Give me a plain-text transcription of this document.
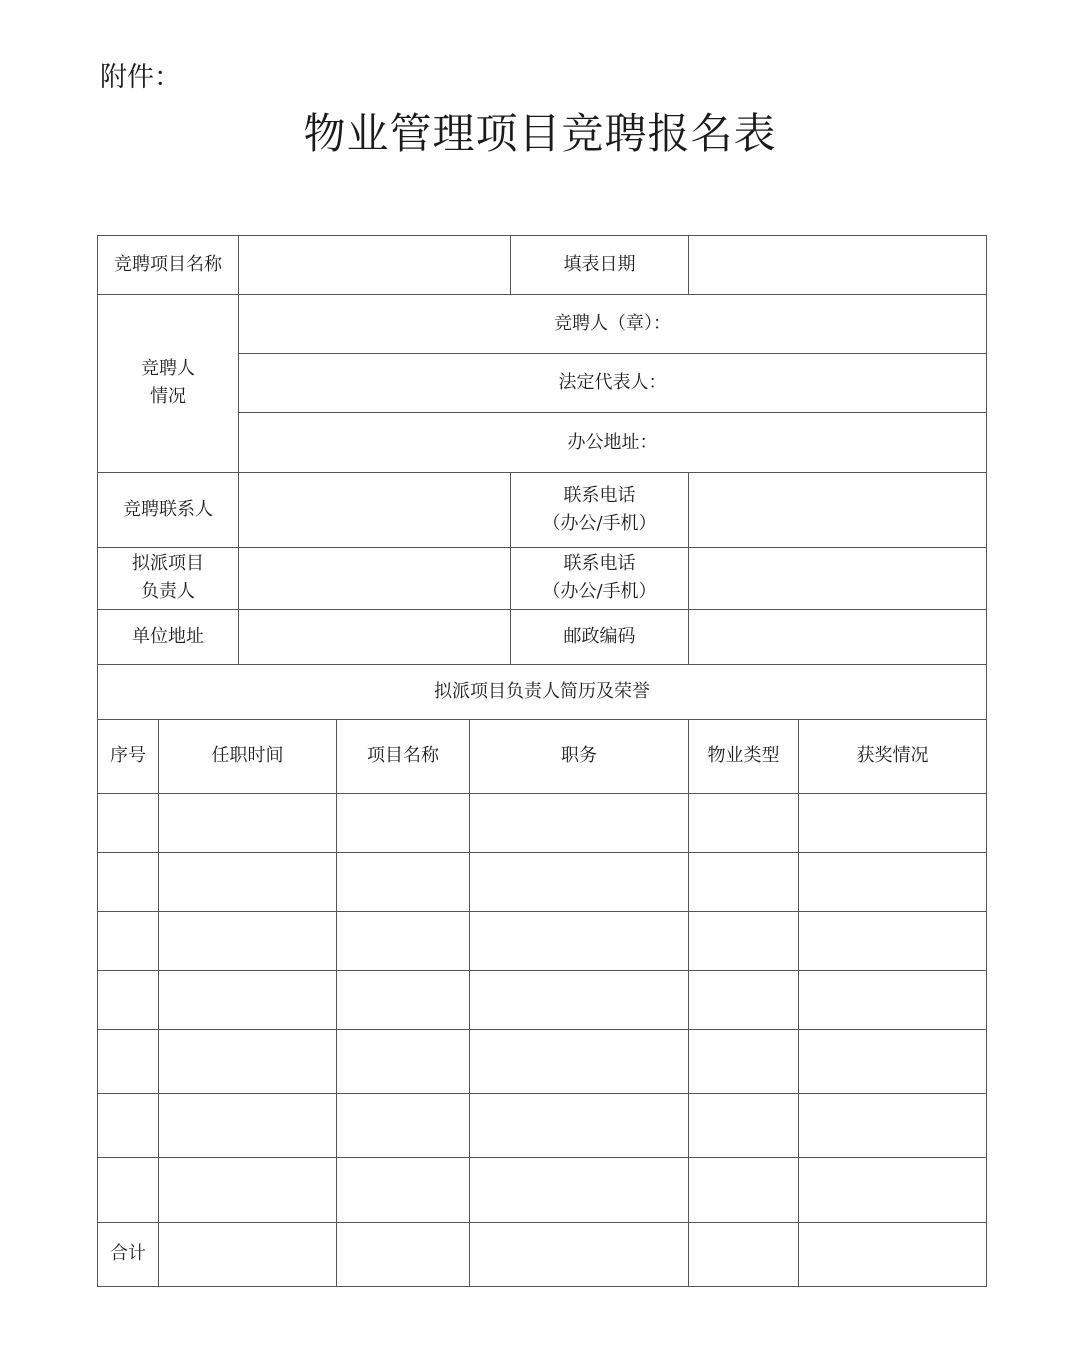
附件：
物业管理项目竞聘报名表
竞聘项目名称					填表日期		

竞聘人
情况		竞聘人（章）：					
		法定代表人：					
		办公地址：					
竞聘联系人					联系电话
（办公/手机）		

拟派项目
负责人					联系电话
（办公/手机）		

单位地址					邮政编码		
拟派项目负责人简历及荣誉							
序号	任职时间		项目名称	职务		物业类型	获奖情况

合计							
